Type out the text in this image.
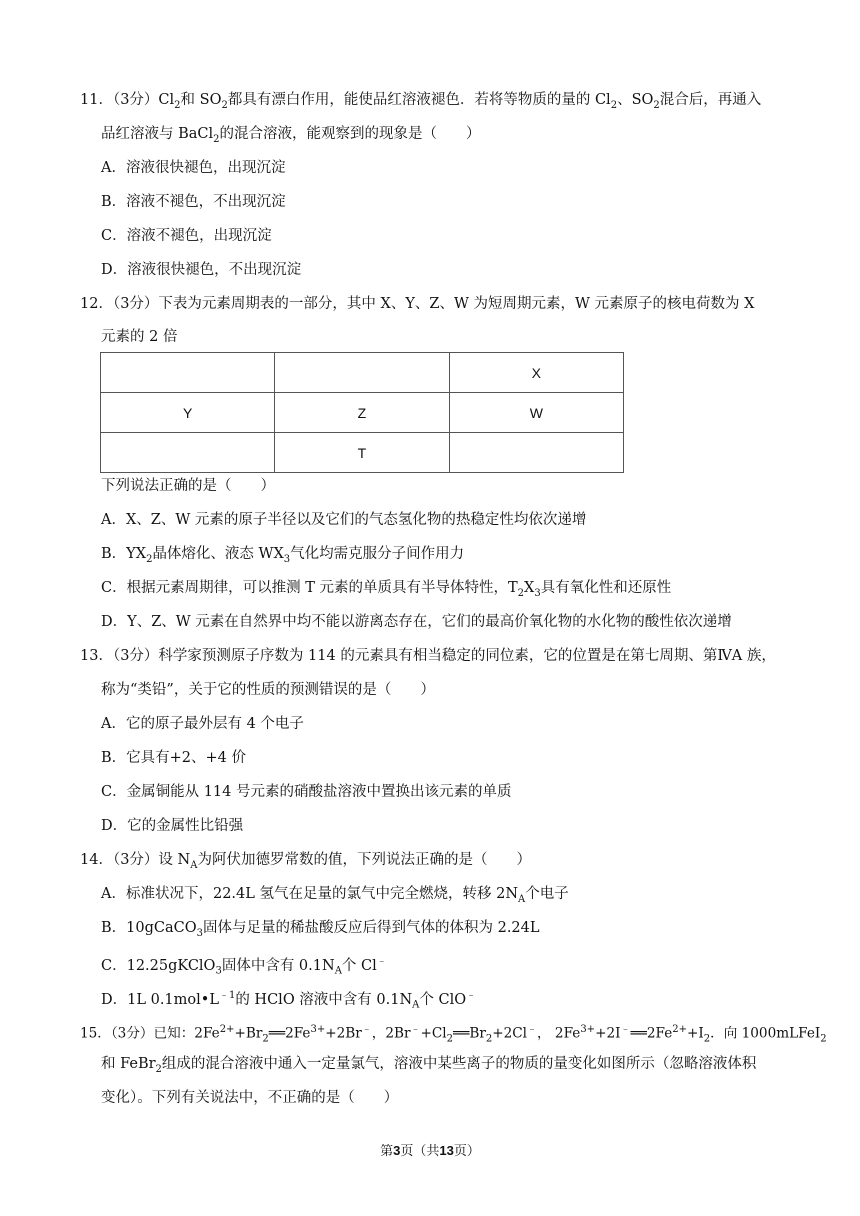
11．（3分）$Cl_2$和 $SO_2$都具有漂白作用，能使品红溶液褪色．若将等物质的量的 $Cl_2$、$SO_2$混合后，再通入
品红溶液与 BaCl$_2$的混合溶液，能观察到的现象是（　　）
A．溶液很快褪色，出现沉淀
B．溶液不褪色，不出现沉淀
C．溶液不褪色，出现沉淀
D．溶液很快褪色，不出现沉淀
12．（3分）下表为元素周期表的一部分，其中 X、Y、Z、W 为短周期元素，W 元素原子的核电荷数为 X
元素的 2 倍
		X
Y	Z	W
	T	
下列说法正确的是（　　）
A．X、Z、W 元素的原子半径以及它们的气态氢化物的热稳定性均依次递增
B．$YX_2$晶体熔化、液态 $WX_3$气化均需克服分子间作用力
C．根据元素周期律，可以推测 T 元素的单质具有半导体特性，$T_2X_3$具有氧化性和还原性
D．Y、Z、W 元素在自然界中均不能以游离态存在，它们的最高价氧化物的水化物的酸性依次递增
13．（3分）科学家预测原子序数为 114 的元素具有相当稳定的同位素，它的位置是在第七周期、第ⅣA 族，
称为“类铅”，关于它的性质的预测错误的是（　　）
A．它的原子最外层有 4 个电子
B．它具有+2、+4 价
C．金属铜能从 114 号元素的硝酸盐溶液中置换出该元素的单质
D．它的金属性比铅强
14．（3分）设 $N_A$为阿伏加德罗常数的值，下列说法正确的是（　　）
A．标准状况下，22.4L 氢气在足量的氯气中完全燃烧，转移 $2N_A$个电子
B．10gCaCO$_3$固体与足量的稀盐酸反应后得到气体的体积为 2.24L
C．12.25gKClO$_3$固体中含有 $0.1N_A$个 Cl﹣
D．1L $0.1mol•L^{﹣1}$的 HClO 溶液中含有 $0.1N_A$个 ClO﹣
15．（3分）已知：$2Fe^{2+}+Br_2══2Fe^{3+}+2Br^﹣$，$2Br^﹣+Cl_2══Br_2+2Cl^﹣$， $2Fe^{3+}+2I^﹣══2Fe^{2+}+I_2$．向 1000mLFeI$_2$
和 FeBr$_2$组成的混合溶液中通入一定量氯气，溶液中某些离子的物质的量变化如图所示（忽略溶液体积
变化）。下列有关说法中，不正确的是（　　）
第3页（共13页）
